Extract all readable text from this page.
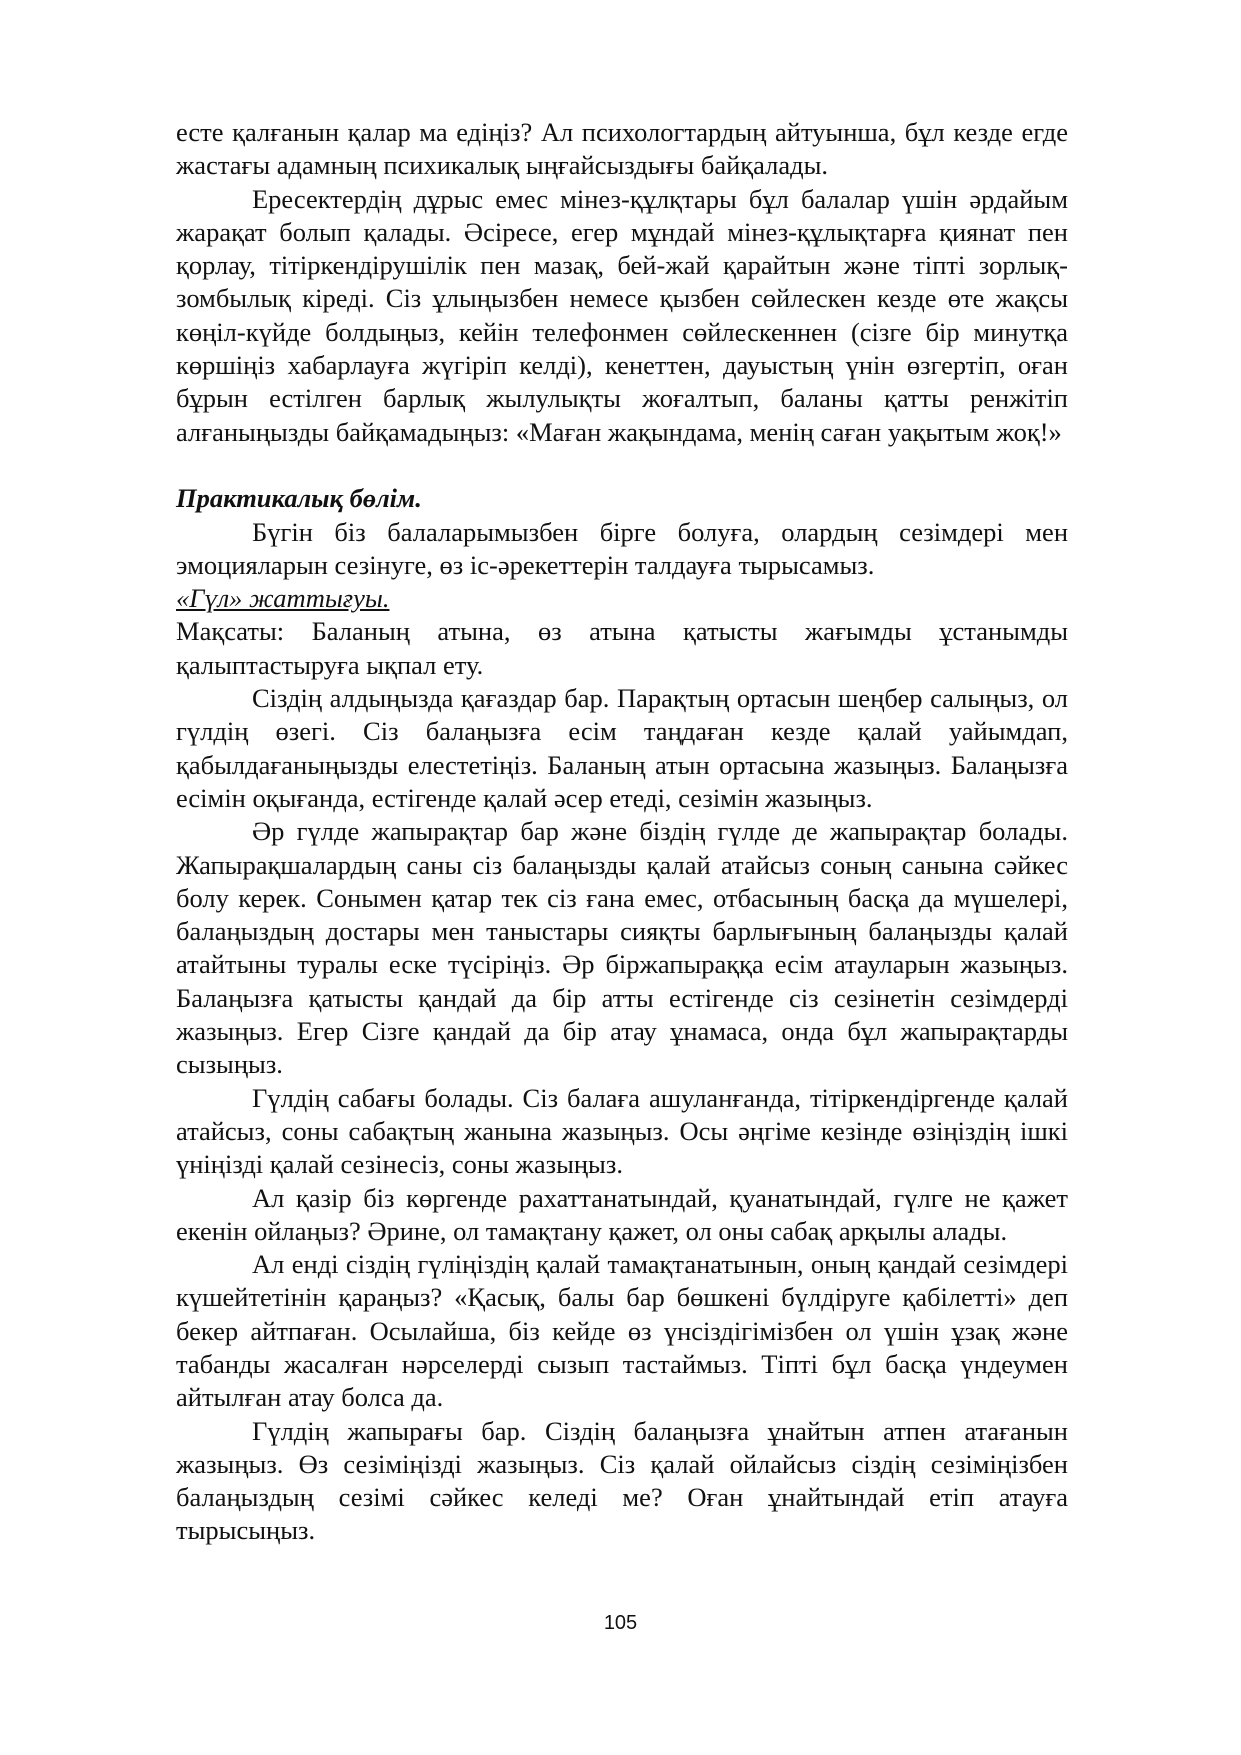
есте қалғанын қалар ма едіңіз? Ал психологтардың айтуынша, бұл кезде егде жастағы адамның психикалық ыңғайсыздығы байқалады.

Ересектердің дұрыс емес мінез-құлқтары бұл балалар үшін әрдайым жарақат болып қалады. Әсіресе, егер мұндай мінез-құлықтарға қиянат пен қорлау, тітіркендірушілік пен мазақ, бей-жай қарайтын және тіпті зорлық-зомбылық кіреді. Сіз ұлыңызбен немесе қызбен сөйлескен кезде өте жақсы көңіл-күйде болдыңыз, кейін телефонмен сөйлескеннен (сізге бір минутқа көршіңіз хабарлауға жүгіріп келді), кенеттен, дауыстың үнін өзгертіп, оған бұрын естілген барлық жылулықты жоғалтып, баланы қатты ренжітіп алғаныңызды байқамадыңыз: «Маған жақындама, менің саған уақытым жоқ!»

Практикалық бөлім.

Бүгін біз балаларымызбен бірге болуға, олардың сезімдері мен эмоцияларын сезінуге, өз іс-әрекеттерін талдауға тырысамыз.

«Гүл» жаттығуы.

Мақсаты: Баланың атына, өз атына қатысты жағымды ұстанымды қалыптастыруға ықпал ету.

Сіздің алдыңызда қағаздар бар. Парақтың ортасын шеңбер салыңыз, ол гүлдің өзегі. Сіз балаңызға есім таңдаған кезде қалай уайымдап, қабылдағаныңызды елестетіңіз. Баланың атын ортасына жазыңыз. Балаңызға есімін оқығанда, естігенде қалай әсер етеді, сезімін жазыңыз.

Әр гүлде жапырақтар бар және біздің гүлде де жапырақтар болады. Жапырақшалардың саны сіз балаңызды қалай атайсыз соның санына сәйкес болу керек. Сонымен қатар тек сіз ғана емес, отбасының басқа да мүшелері, балаңыздың достары мен таныстары сияқты барлығының балаңызды қалай атайтыны туралы еске түсіріңіз. Әр біржапыраққа есім атауларын жазыңыз. Балаңызға қатысты қандай да бір атты естігенде сіз сезінетін сезімдерді жазыңыз. Егер Сізге қандай да бір атау ұнамаса, онда бұл жапырақтарды сызыңыз.

Гүлдің сабағы болады. Сіз балаға ашуланғанда, тітіркендіргенде қалай атайсыз, соны сабақтың жанына жазыңыз. Осы әңгіме кезінде өзіңіздің ішкі үніңізді қалай сезінесіз, соны жазыңыз.

Ал қазір біз көргенде рахаттанатындай, қуанатындай, гүлге не қажет екенін ойлаңыз? Әрине, ол тамақтану қажет, ол оны сабақ арқылы алады.

Ал енді сіздің гүліңіздің қалай тамақтанатынын, оның қандай сезімдері күшейтетінін қараңыз? «Қасық, балы бар бөшкені бүлдіруге қабілетті» деп бекер айтпаған. Осылайша, біз кейде өз үнсіздігімізбен ол үшін ұзақ және табанды жасалған нәрселерді сызып тастаймыз. Тіпті бұл басқа үндеумен айтылған атау болса да.

Гүлдің жапырағы бар. Сіздің балаңызға ұнайтын атпен атағанын жазыңыз. Өз сезіміңізді жазыңыз. Сіз қалай ойлайсыз сіздің сезіміңізбен балаңыздың сезімі сәйкес келеді ме? Оған ұнайтындай етіп атауға тырысыңыз.

105
